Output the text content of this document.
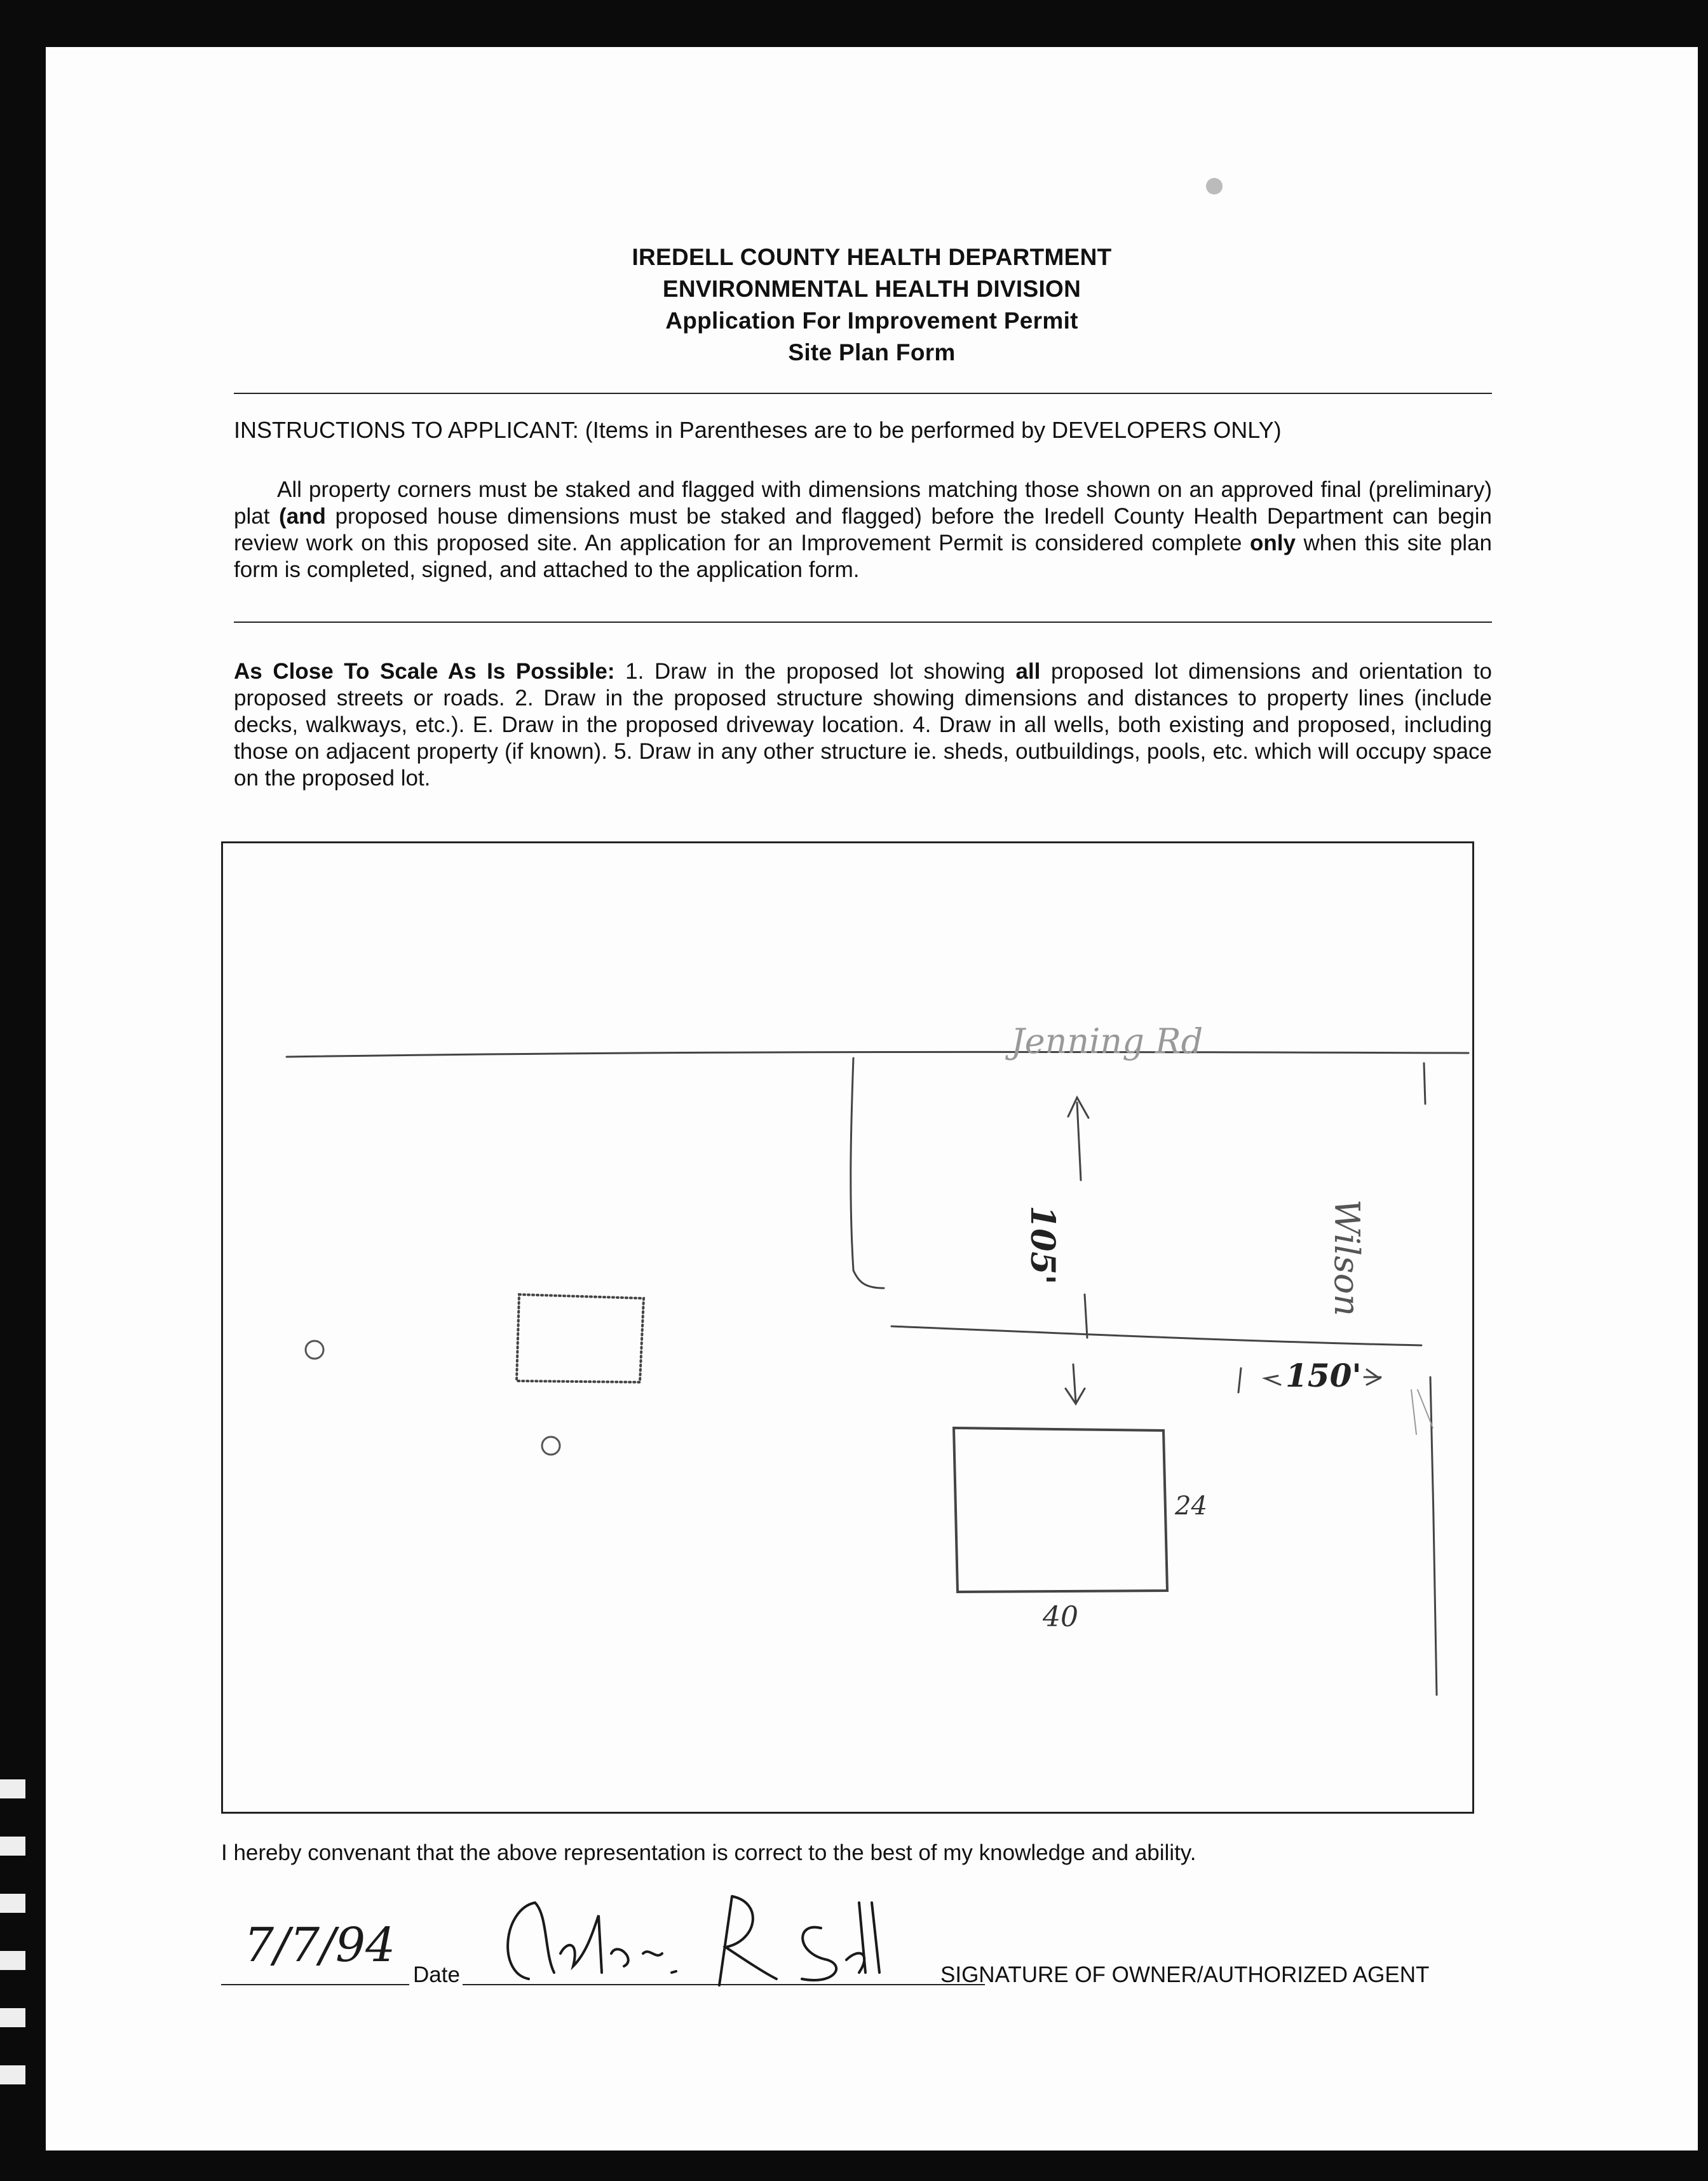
IREDELL COUNTY HEALTH DEPARTMENT
ENVIRONMENTAL HEALTH DIVISION
Application For Improvement Permit
Site Plan Form
INSTRUCTIONS TO APPLICANT: (Items in Parentheses are to be performed by DEVELOPERS ONLY)
All property corners must be staked and flagged with dimensions matching those shown on an approved final (preliminary) plat (and proposed house dimensions must be staked and flagged) before the Iredell County Health Department can begin review work on this proposed site. An application for an Improvement Permit is considered complete only when this site plan form is completed, signed, and attached to the application form.
As Close To Scale As Is Possible: 1. Draw in the proposed lot showing all proposed lot dimensions and orientation to proposed streets or roads. 2. Draw in the proposed structure showing dimensions and distances to property lines (include decks, walkways, etc.). E. Draw in the proposed driveway location. 4. Draw in all wells, both existing and proposed, including those on adjacent property (if known). 5. Draw in any other structure ie. sheds, outbuildings, pools, etc. which will occupy space on the proposed lot.
Jenning Rd
Wilson
105'
150'
24
40
I hereby convenant that the above representation is correct to the best of my knowledge and ability.
7/7/94
Date	SIGNATURE OF OWNER/AUTHORIZED AGENT
